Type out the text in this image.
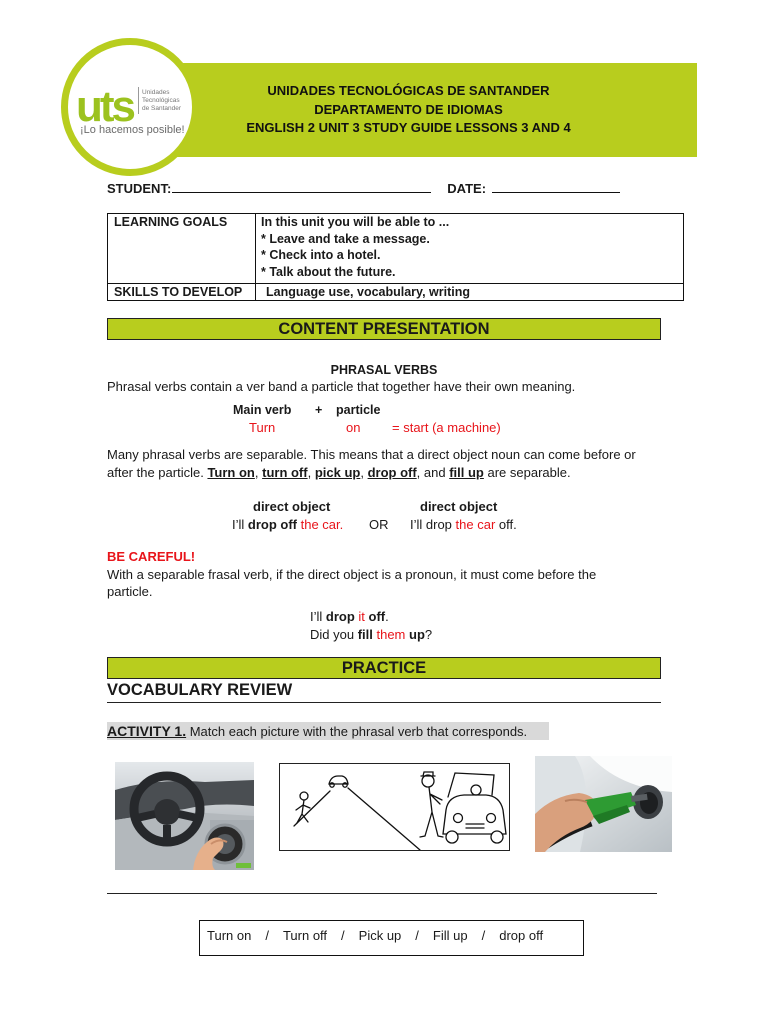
UNIDADES TECNOLÓGICAS DE SANTANDER
DEPARTAMENTO DE IDIOMAS
ENGLISH 2 UNIT 3 STUDY GUIDE LESSONS 3 AND 4
uts Unidades
Tecnológicas
de Santander
¡Lo hacemos posible!
STUDENT:	DATE:
LEARNING GOALS	In this unit you will be able to ...
* Leave and take a message.
* Check into a hotel.
* Talk about the future.
SKILLS TO DEVELOP Language use, vocabulary, writing
CONTENT PRESENTATION
PHRASAL VERBS
Phrasal verbs contain a ver band a particle that together have their own meaning.
Main verb + particle
Turn	on = start (a machine)
Many phrasal verbs are separable. This means that a direct object noun can come before or
after the particle. Turn on, turn off, pick up, drop off, and fill up are separable.
direct object	direct object
I’ll drop off the car. OR I’ll drop the car off.
BE CAREFUL!
With a separable frasal verb, if the direct object is a pronoun, it must come before the
particle.
I’ll drop it off.
Did you fill them up?
PRACTICE
VOCABULARY REVIEW
ACTIVITY 1. Match each picture with the phrasal verb that corresponds.
Turn on / Turn off / Pick up / Fill up / drop off
